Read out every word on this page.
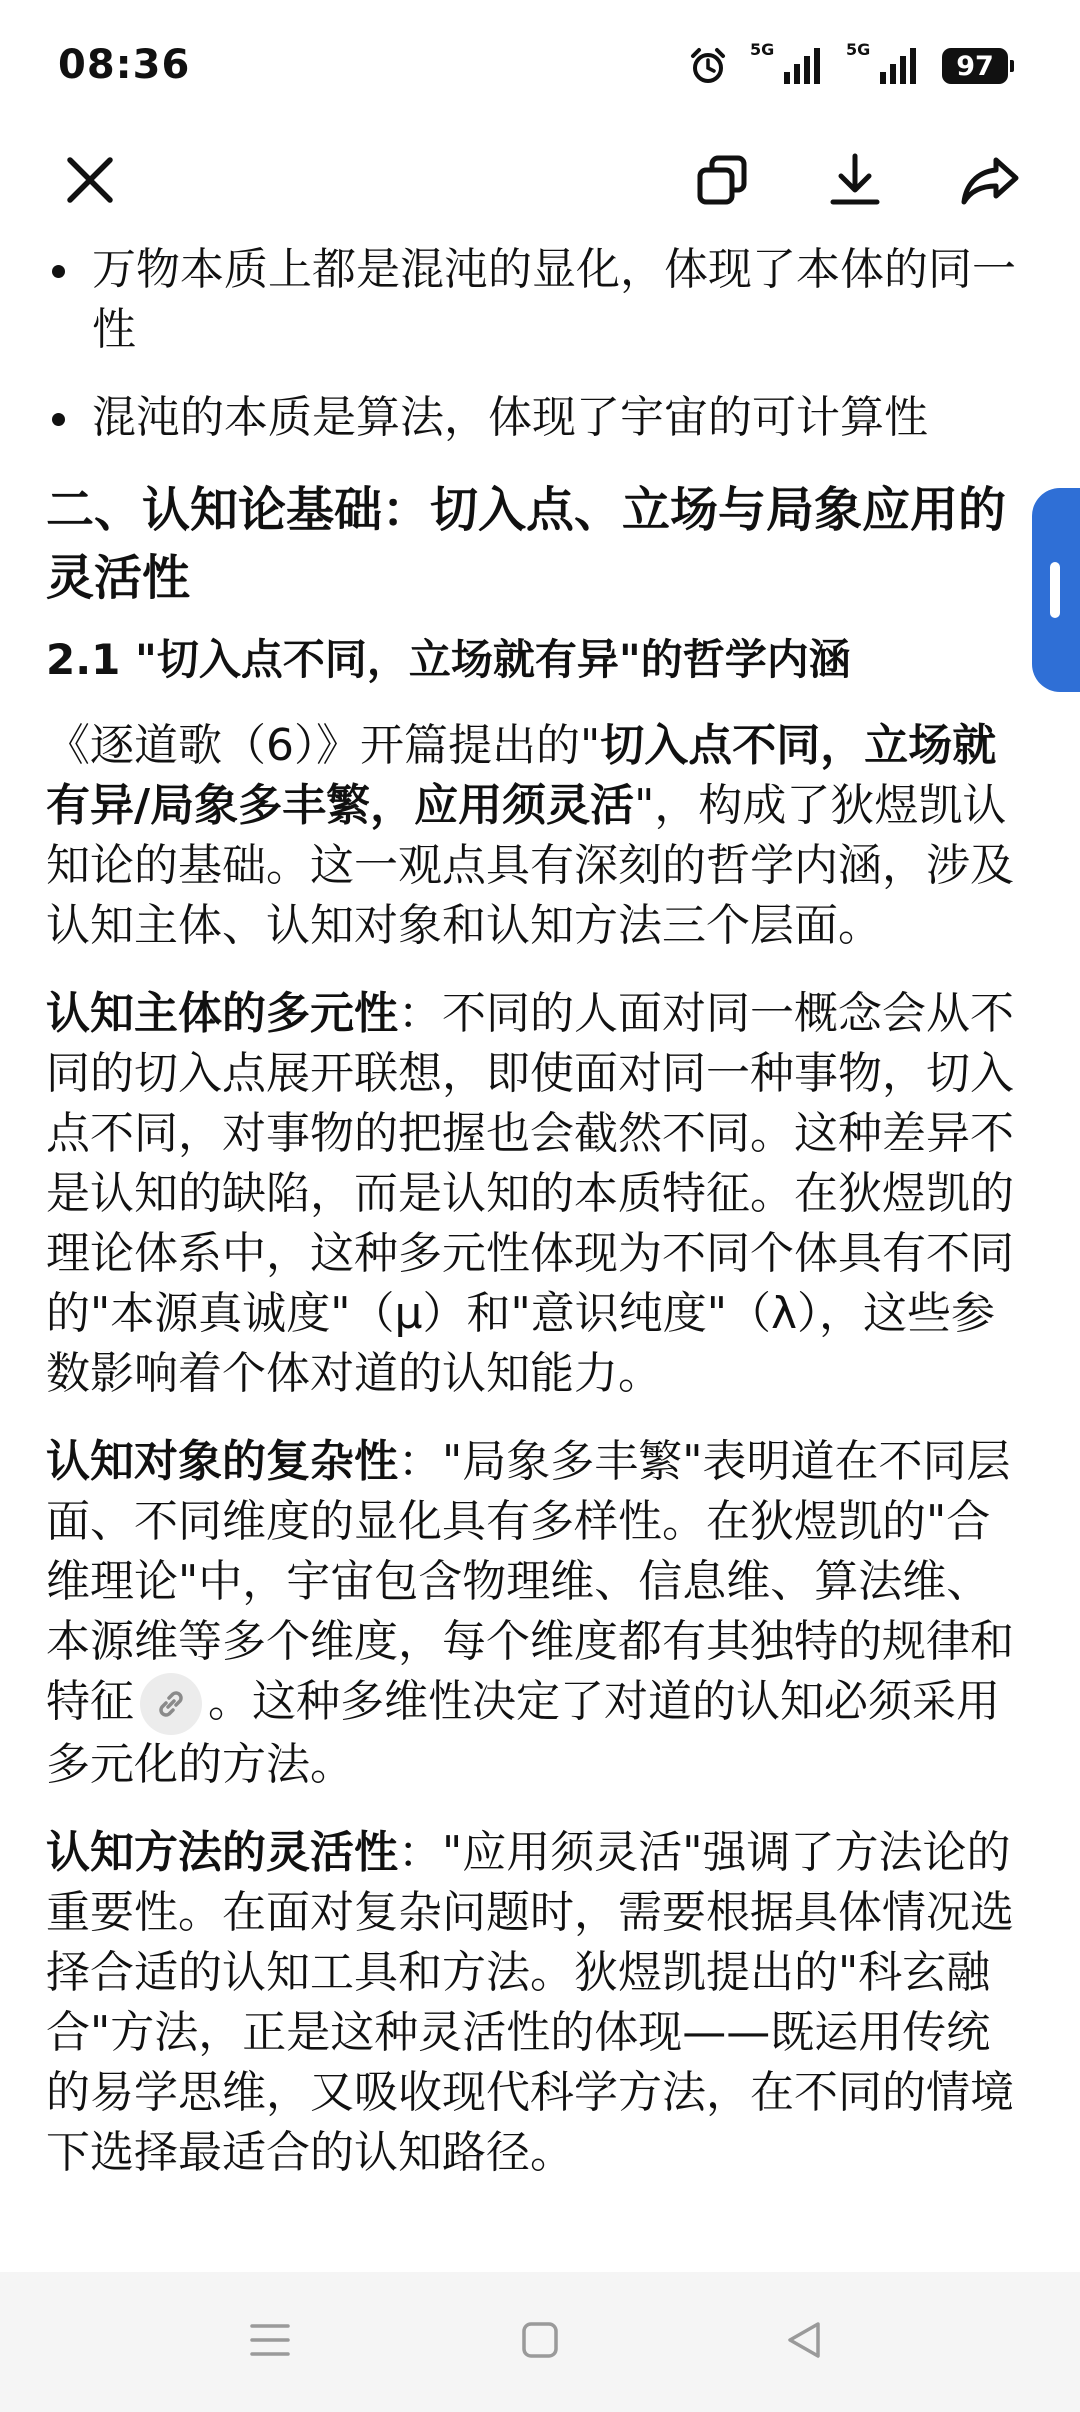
08:36	5G	5G
97
万物本质上都是混沌的显化，体现了本体的同一性
混沌的本质是算法，体现了宇宙的可计算性
二、认知论基础：切入点、立场与局象应用的灵活性
2.1 "切入点不同，立场就有异"的哲学内涵

《逐道歌（6）》开篇提出的"切入点不同，立场就有异/局象多丰繁，应用须灵活"，构成了狄煜凯认知论的基础。这一观点具有深刻的哲学内涵，涉及认知主体、认知对象和认知方法三个层面。

认知主体的多元性：不同的人面对同一概念会从不同的切入点展开联想，即使面对同一种事物，切入点不同，对事物的把握也会截然不同。这种差异不是认知的缺陷，而是认知的本质特征。在狄煜凯的理论体系中，这种多元性体现为不同个体具有不同的"本源真诚度"（μ）和"意识纯度"（λ），这些参数影响着个体对道的认知能力。

认知对象的复杂性："局象多丰繁"表明道在不同层面、不同维度的显化具有多样性。在狄煜凯的"合维理论"中，宇宙包含物理维、信息维、算法维、本源维等多个维度，每个维度都有其独特的规律和特征 。这种多维性决定了对道的认知必须采用多元化的方法。

认知方法的灵活性："应用须灵活"强调了方法论的重要性。在面对复杂问题时，需要根据具体情况选择合适的认知工具和方法。狄煜凯提出的"科玄融合"方法，正是这种灵活性的体现——既运用传统的易学思维，又吸收现代科学方法，在不同的情境下选择最适合的认知路径。
